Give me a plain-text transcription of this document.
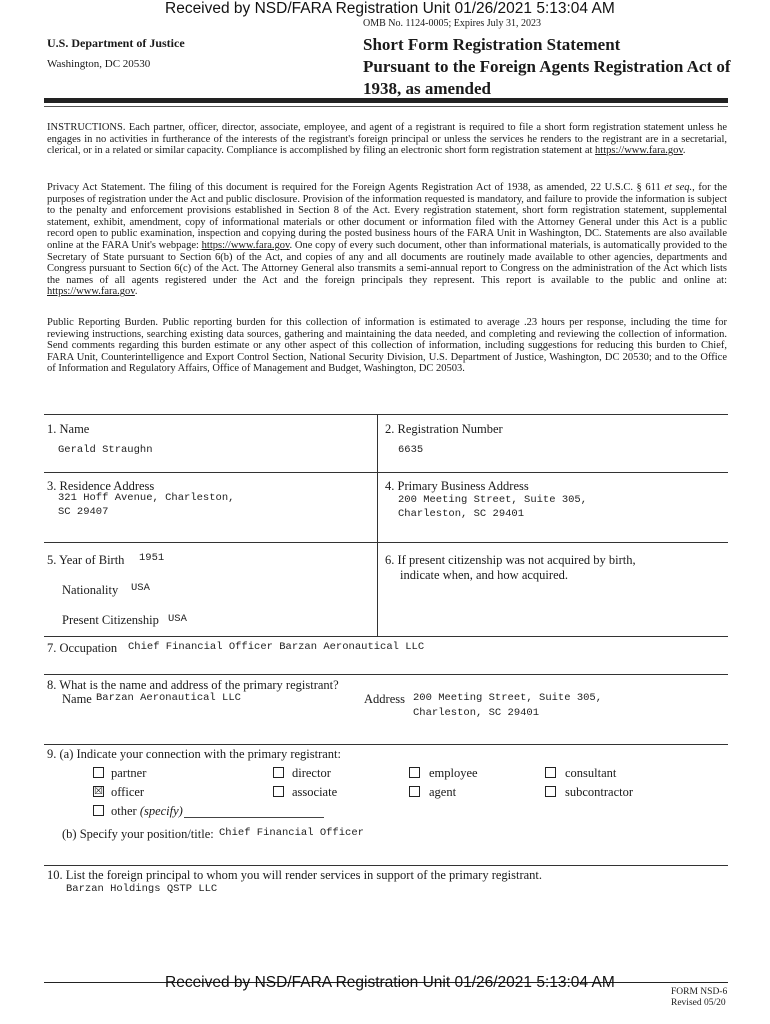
Received by NSD/FARA Registration Unit 01/26/2021 5:13:04 AM
OMB No. 1124-0005; Expires July 31, 2023
U.S. Department of Justice
Washington, DC 20530
Short Form Registration Statement
Pursuant to the Foreign Agents Registration Act of
1938, as amended
INSTRUCTIONS. Each partner, officer, director, associate, employee, and agent of a registrant is required to file a short form registration statement unless he engages in no activities in furtherance of the interests of the registrant's foreign principal or unless the services he renders to the registrant are in a secretarial, clerical, or in a related or similar capacity. Compliance is accomplished by filing an electronic short form registration statement at https://www.fara.gov.
Privacy Act Statement. The filing of this document is required for the Foreign Agents Registration Act of 1938, as amended, 22 U.S.C. § 611 et seq., for the purposes of registration under the Act and public disclosure. Provision of the information requested is mandatory, and failure to provide the information is subject to the penalty and enforcement provisions established in Section 8 of the Act. Every registration statement, short form registration statement, supplemental statement, exhibit, amendment, copy of informational materials or other document or information filed with the Attorney General under this Act is a public record open to public examination, inspection and copying during the posted business hours of the FARA Unit in Washington, DC. Statements are also available online at the FARA Unit's webpage: https://www.fara.gov. One copy of every such document, other than informational materials, is automatically provided to the Secretary of State pursuant to Section 6(b) of the Act, and copies of any and all documents are routinely made available to other agencies, departments and Congress pursuant to Section 6(c) of the Act. The Attorney General also transmits a semi-annual report to Congress on the administration of the Act which lists the names of all agents registered under the Act and the foreign principals they represent. This report is available to the public and online at: https://www.fara.gov.
Public Reporting Burden. Public reporting burden for this collection of information is estimated to average .23 hours per response, including the time for reviewing instructions, searching existing data sources, gathering and maintaining the data needed, and completing and reviewing the collection of information. Send comments regarding this burden estimate or any other aspect of this collection of information, including suggestions for reducing this burden to Chief, FARA Unit, Counterintelligence and Export Control Section, National Security Division, U.S. Department of Justice, Washington, DC 20530; and to the Office of Information and Regulatory Affairs, Office of Management and Budget, Washington, DC 20503.
1. Name
Gerald Straughn
2. Registration Number
6635
3. Residence Address
321 Hoff Avenue, Charleston,
SC 29407
4. Primary Business Address
200 Meeting Street, Suite 305,
Charleston, SC 29401
5. Year of Birth 1951
Nationality USA
Present Citizenship USA
6. If present citizenship was not acquired by birth,
indicate when, and how acquired.
7. Occupation Chief Financial Officer Barzan Aeronautical LLC
8. What is the name and address of the primary registrant?
Name Barzan Aeronautical LLC	Address 200 Meeting Street, Suite 305,
Charleston, SC 29401
9. (a) Indicate your connection with the primary registrant:
partner
☒ officer
other (specify)
director
associate
employee
agent
consultant
subcontractor
(b) Specify your position/title: Chief Financial Officer
10. List the foreign principal to whom you will render services in support of the primary registrant.
Barzan Holdings QSTP LLC
Received by NSD/FARA Registration Unit 01/26/2021 5:13:04 AM
FORM NSD-6
Revised 05/20
